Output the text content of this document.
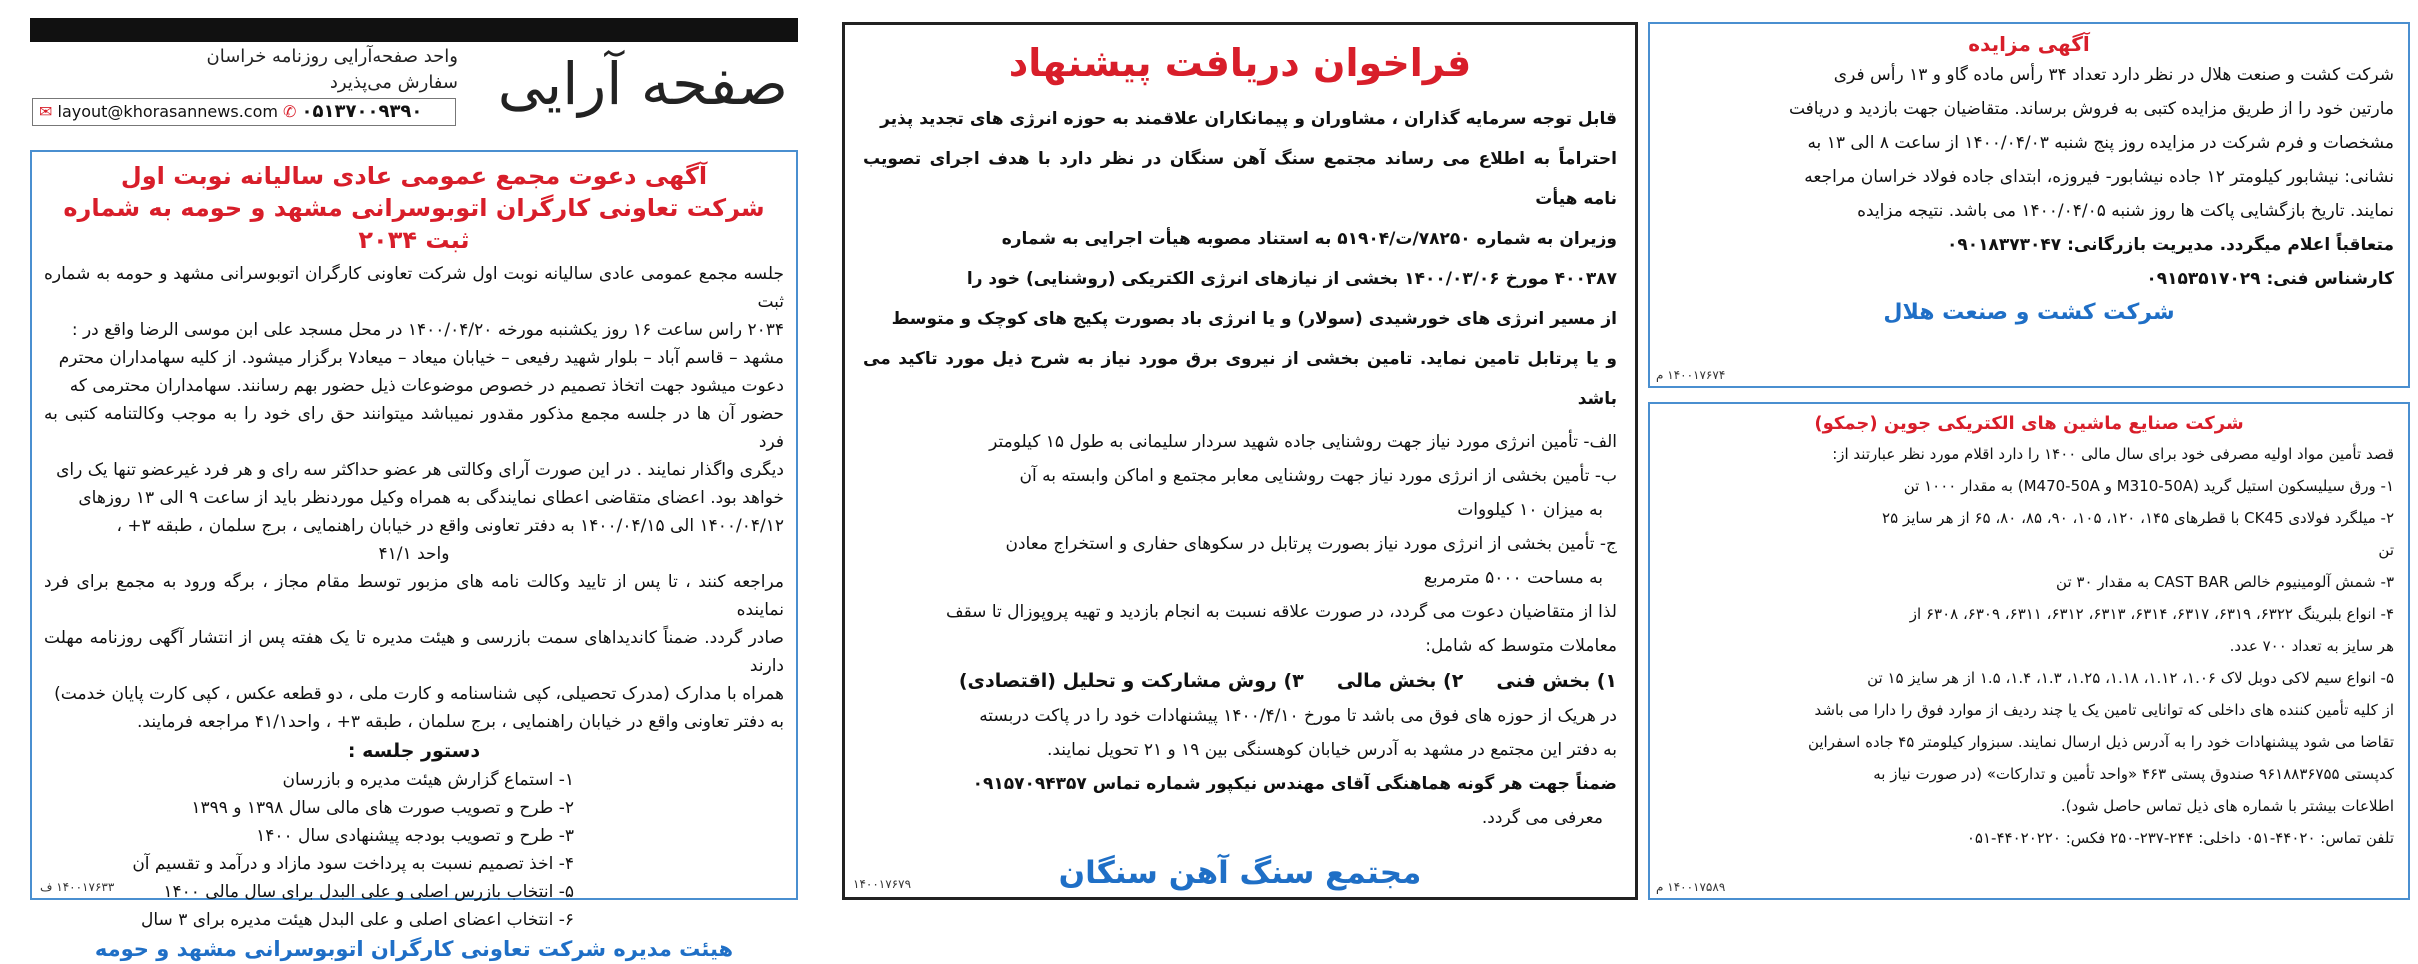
صفحه آرایی
واحد صفحه‌آرایی روزنامه خراسان
سفارش می‌پذیرد
✉ layout@khorasannews.com ✆ ۰۵۱۳۷۰۰۹۳۹۰
آگهی دعوت مجمع عمومی عادی سالیانه نوبت اول
شرکت تعاونی کارگران اتوبوسرانی مشهد و حومه به شماره ثبت ۲۰۳۴
جلسه مجمع عمومی عادی سالیانه نوبت اول شرکت تعاونی کارگران اتوبوسرانی مشهد و حومه به شماره ثبت
۲۰۳۴ راس ساعت ۱۶ روز یکشنبه مورخه ۱۴۰۰/۰۴/۲۰ در محل مسجد علی ابن موسی الرضا واقع در :
مشهد – قاسم آباد – بلوار شهید رفیعی – خیابان میعاد – میعاد۷ برگزار میشود. از کلیه سهامداران محترم
دعوت میشود جهت اتخاذ تصمیم در خصوص موضوعات ذیل حضور بهم رسانند. سهامداران محترمی که
حضور آن ها در جلسه مجمع مذکور مقدور نمیباشد میتوانند حق رای خود را به موجب وکالتنامه کتبی به فرد
دیگری واگذار نمایند . در این صورت آرای وکالتی هر عضو حداکثر سه رای و هر فرد غیرعضو تنها یک رای
خواهد بود. اعضای متقاضی اعطای نمایندگی به همراه وکیل موردنظر باید از ساعت ۹ الی ۱۳ روزهای
۱۴۰۰/۰۴/۱۲ الی ۱۴۰۰/۰۴/۱۵ به دفتر تعاونی واقع در خیابان راهنمایی ، برج سلمان ، طبقه ۳+ ،
واحد ۴۱/۱
مراجعه کنند ، تا پس از تایید وکالت نامه های مزبور توسط مقام مجاز ، برگه ورود به مجمع برای فرد نماینده
صادر گردد. ضمناً کاندیداهای سمت بازرسی و هیئت مدیره تا یک هفته پس از انتشار آگهی روزنامه مهلت دارند
همراه با مدارک (مدرک تحصیلی، کپی شناسنامه و کارت ملی ، دو قطعه عکس ، کپی کارت پایان خدمت)
به دفتر تعاونی واقع در خیابان راهنمایی ، برج سلمان ، طبقه ۳+ ، واحد۴۱/۱ مراجعه فرمایند.
دستور جلسه :
۱- استماع گزارش هیئت مدیره و بازرسان
۲- طرح و تصویب صورت های مالی سال ۱۳۹۸ و ۱۳۹۹
۳- طرح و تصویب بودجه پیشنهادی سال ۱۴۰۰
۴- اخذ تصمیم نسبت به پرداخت سود مازاد و درآمد و تقسیم آن
۵- انتخاب بازرس اصلی و علی البدل برای سال مالی ۱۴۰۰
۶- انتخاب اعضای اصلی و علی البدل هیئت مدیره برای ۳ سال
هیئت مدیره شرکت تعاونی کارگران اتوبوسرانی مشهد و حومه
۱۴۰۰۱۷۶۳۳ ف
فراخوان دریافت پیشنهاد
قابل توجه سرمایه گذاران ، مشاوران و پیمانکاران علاقمند به حوزه انرژی های تجدید پذیر
احتراماً به اطلاع می رساند مجتمع سنگ آهن سنگان در نظر دارد با هدف اجرای تصویب نامه هیأت
وزیران به شماره ۷۸۲۵۰/ت/۵۱۹۰۴ به استناد مصوبه هیأت اجرایی به شماره
۴۰۰۳۸۷ مورخ ۱۴۰۰/۰۳/۰۶ بخشی از نیازهای انرژی الکتریکی (روشنایی) خود را
از مسیر انرژی های خورشیدی (سولار) و یا انرژی باد بصورت پکیج های کوچک و متوسط
و یا پرتابل تامین نماید. تامین بخشی از نیروی برق مورد نیاز به شرح ذیل مورد تاکید می باشد
الف- تأمین انرژی مورد نیاز جهت روشنایی جاده شهید سردار سلیمانی به طول ۱۵ کیلومتر
ب- تأمین بخشی از انرژی مورد نیاز جهت روشنایی معابر مجتمع و اماکن وابسته به آن
به میزان ۱۰ کیلووات
ج- تأمین بخشی از انرژی مورد نیاز بصورت پرتابل در سکوهای حفاری و استخراج معادن
به مساحت ۵۰۰۰ مترمربع
لذا از متقاضیان دعوت می گردد، در صورت علاقه نسبت به انجام بازدید و تهیه پروپوزال تا سقف
معاملات متوسط که شامل:
۱) بخش فنی     ۲) بخش مالی     ۳) روش مشارکت و تحلیل (اقتصادی)
در هریک از حوزه های فوق می باشد تا مورخ ۱۴۰۰/۴/۱۰ پیشنهادات خود را در پاکت دربسته
به دفتر این مجتمع در مشهد به آدرس خیابان کوهسنگی بین ۱۹ و ۲۱ تحویل نمایند.
ضمناً جهت هر گونه هماهنگی آقای مهندس نیکپور شماره تماس ۰۹۱۵۷۰۹۴۳۵۷
معرفی می گردد.
مجتمع سنگ آهن سنگان
۱۴۰۰۱۷۶۷۹
آگهی مزایده
شرکت کشت و صنعت هلال در نظر دارد تعداد ۳۴ رأس ماده گاو و ۱۳ رأس فری
مارتین خود را از طریق مزایده کتبی به فروش برساند. متقاضیان جهت بازدید و دریافت
مشخصات و فرم شرکت در مزایده روز پنج شنبه ۱۴۰۰/۰۴/۰۳ از ساعت ۸ الی ۱۳ به
نشانی: نیشابور کیلومتر ۱۲ جاده نیشابور- فیروزه، ابتدای جاده فولاد خراسان مراجعه
نمایند. تاریخ بازگشایی پاکت ها روز شنبه ۱۴۰۰/۰۴/۰۵ می باشد. نتیجه مزایده
متعاقباً اعلام میگردد. مدیریت بازرگانی: ۰۹۰۱۸۳۷۳۰۴۷
کارشناس فنی: ۰۹۱۵۳۵۱۷۰۲۹
شرکت کشت و صنعت هلال
۱۴۰۰۱۷۶۷۴ م
شرکت صنایع ماشین های الکتریکی جوین (جمکو)
قصد تأمین مواد اولیه مصرفی خود برای سال مالی ۱۴۰۰ را دارد اقلام مورد نظر عبارتند از:
۱- ورق سیلیسکون استیل گرید (M310-50A و M470-50A) به مقدار ۱۰۰۰ تن
۲- میلگرد فولادی CK45 با قطرهای ۱۴۵، ۱۲۰، ۱۰۵، ۹۰، ۸۵، ۸۰، ۶۵ از هر سایز ۲۵
تن
۳- شمش آلومینیوم خالص CAST BAR به مقدار ۳۰ تن
۴- انواع بلبرینگ ۶۳۲۲، ۶۳۱۹، ۶۳۱۷، ۶۳۱۴، ۶۳۱۳، ۶۳۱۲، ۶۳۱۱، ۶۳۰۹، ۶۳۰۸ از
هر سایز به تعداد ۷۰۰ عدد.
۵- انواع سیم لاکی دوبل لاک ۱.۰۶، ۱.۱۲، ۱.۱۸، ۱.۲۵، ۱.۳، ۱.۴، ۱.۵ از هر سایز ۱۵ تن
از کلیه تأمین کننده های داخلی که توانایی تامین یک یا چند ردیف از موارد فوق را دارا می باشد
تقاضا می شود پیشنهادات خود را به آدرس ذیل ارسال نمایند. سبزوار کیلومتر ۴۵ جاده اسفراین
کدپستی ۹۶۱۸۸۳۶۷۵۵ صندوق پستی ۴۶۳ «واحد تأمین و تدارکات» (در صورت نیاز به
اطلاعات بیشتر با شماره های ذیل تماس حاصل شود).
تلفن تماس: ۴۴۰۲۰-۰۵۱ داخلی: ۲۴۴-۲۳۷-۲۵۰ فکس: ۴۴۰۲۰۲۲۰-۰۵۱
۱۴۰۰۱۷۵۸۹ م
